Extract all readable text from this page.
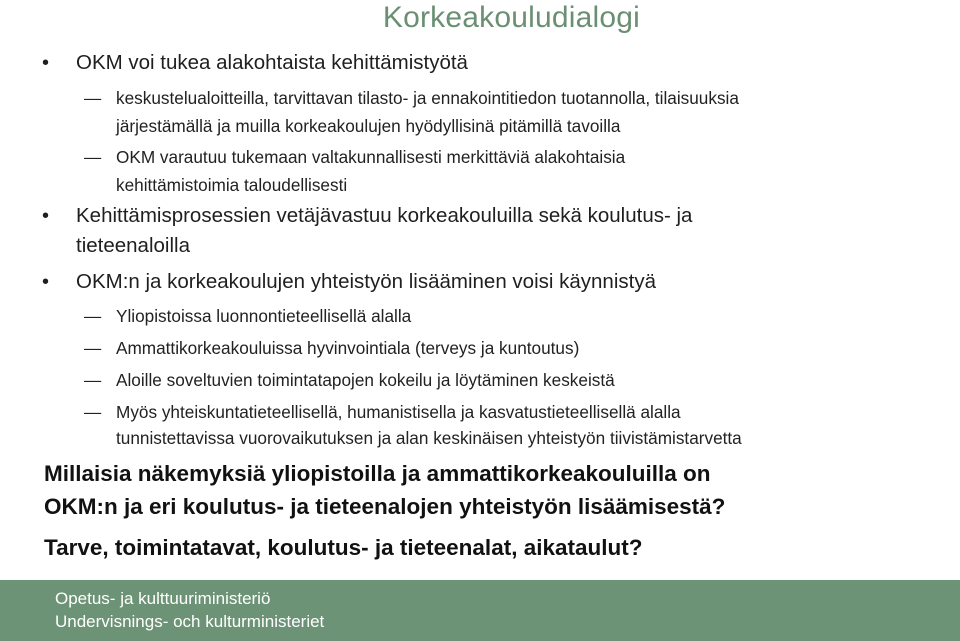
Korkeakouludialogi
•	OKM voi tukea alakohtaista kehittämistyötä
— keskustelualoitteilla, tarvittavan tilasto- ja ennakointitiedon tuotannolla, tilaisuuksia
järjestämällä ja muilla korkeakoulujen hyödyllisinä pitämillä tavoilla
— OKM varautuu tukemaan valtakunnallisesti merkittäviä alakohtaisia
kehittämistoimia taloudellisesti
•	Kehittämisprosessien vetäjävastuu korkeakouluilla sekä koulutus- ja
tieteenaloilla
•	OKM:n ja korkeakoulujen yhteistyön lisääminen voisi käynnistyä
— Yliopistoissa luonnontieteellisellä alalla
— Ammattikorkeakouluissa hyvinvointiala (terveys ja kuntoutus)
— Aloille soveltuvien toimintatapojen kokeilu ja löytäminen keskeistä
— Myös yhteiskuntatieteellisellä, humanistisella ja kasvatustieteellisellä alalla
tunnistettavissa vuorovaikutuksen ja alan keskinäisen yhteistyön tiivistämistarvetta
Millaisia näkemyksiä yliopistoilla ja ammattikorkeakouluilla on
OKM:n ja eri koulutus- ja tieteenalojen yhteistyön lisäämisestä?
Tarve, toimintatavat, koulutus- ja tieteenalat, aikataulut?
Opetus- ja kulttuuriministeriö
Undervisnings- och kulturministeriet
